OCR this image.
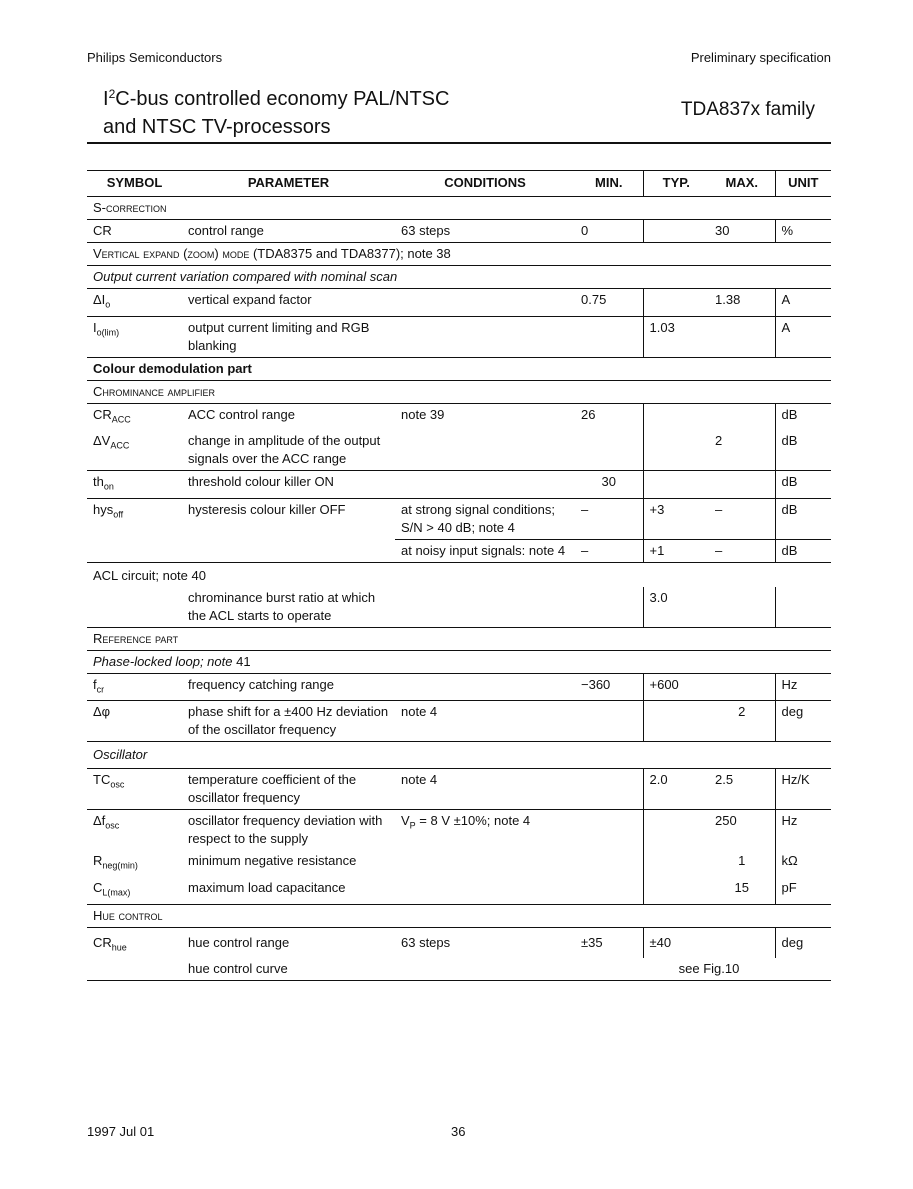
Philips Semiconductors	Preliminary specification
$I^2C$-bus controlled economy PAL/NTSC
and NTSC TV-processors
TDA837x family
SYMBOL	PARAMETER	CONDITIONS	MIN.	TYP.	MAX.	UNIT
S-correction						
CR	control range	63 steps	0		30	%
Vertical expand (zoom) mode (TDA8375 and TDA8377); note 38						
Output current variation compared with nominal scan						
$\Delta I_o$	vertical expand factor		0.75		1.38	A
$I_{o(lim)}$	output current limiting and RGB blanking			1.03		A
Colour demodulation part						
Chrominance amplifier						
$CR_{ACC}$	ACC control range	note 39	26			dB
$\Delta V_{ACC}$	change in amplitude of the output signals over the ACC range				2	dB
$th_{on}$	threshold colour killer ON		30			dB
hys$_{off}$	hysteresis colour killer OFF	at strong signal conditions; S/N > 40 dB; note 4	–	+3	–	dB
		at noisy input signals: note 4	–	+1	–	dB
ACL circuit; note 40						
	chrominance burst ratio at which the ACL starts to operate			3.0		
Reference part						
Phase-locked loop; note 41						
$f_{cr}$	frequency catching range		−360	+600		Hz
Δφ	phase shift for a ±400 Hz deviation of the oscillator frequency	note 4			2	deg
Oscillator						
$TC_{osc}$	temperature coefficient of the oscillator frequency	note 4		2.0	2.5	Hz/K
$\Delta f_{osc}$	oscillator frequency deviation with respect to the supply	$V_P = 8$ V ±10%; note 4			250	Hz
$R_{neg(min)}$	minimum negative resistance				1	kΩ
$C_{L(max)}$	maximum load capacitance				15	pF
Hue control						
$CR_{hue}$	hue control range	63 steps	±35	±40		deg
	hue control curve			see Fig.10		
1997 Jul 01	36
